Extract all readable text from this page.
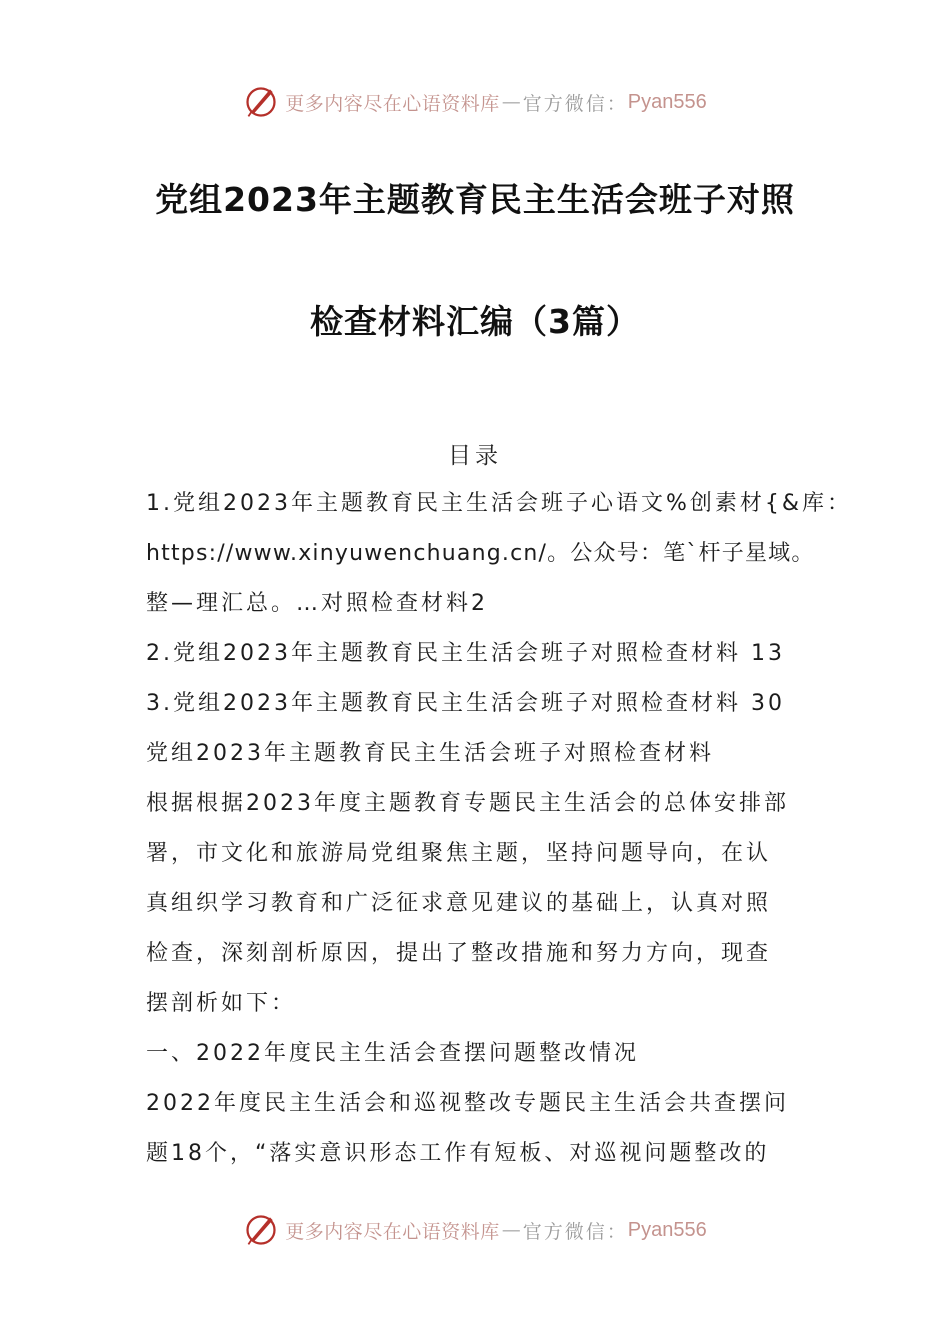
更多内容尽在心语资料库 — 官方微信： Pyan556
党组2023年主题教育民主生活会班子对照
检查材料汇编（3篇）
目录
1.党组2023年主题教育民主生活会班子心语文%创素材{&库：
https://www.xinyuwenchuang.cn/。公众号：笔`杆子星域。
整—理汇总。…对照检查材料2
2.党组2023年主题教育民主生活会班子对照检查材料 13
3.党组2023年主题教育民主生活会班子对照检查材料 30
党组2023年主题教育民主生活会班子对照检查材料
根据根据2023年度主题教育专题民主生活会的总体安排部
署，市文化和旅游局党组聚焦主题，坚持问题导向，在认
真组织学习教育和广泛征求意见建议的基础上，认真对照
检查，深刻剖析原因，提出了整改措施和努力方向，现查
摆剖析如下：
一、2022年度民主生活会查摆问题整改情况
2022年度民主生活会和巡视整改专题民主生活会共查摆问
题18个，“落实意识形态工作有短板、对巡视问题整改的
更多内容尽在心语资料库 — 官方微信： Pyan556
